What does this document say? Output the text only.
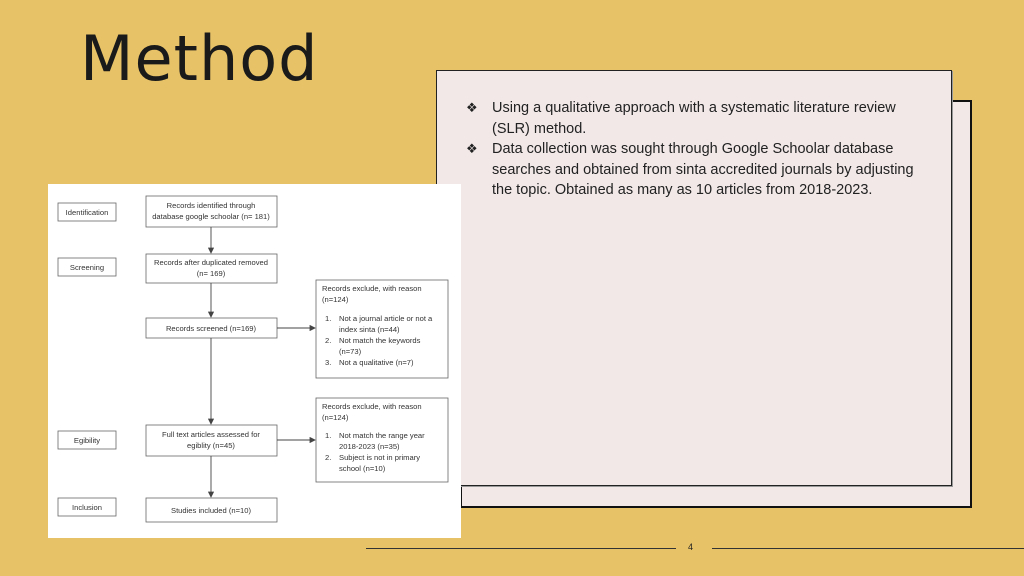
Method
❖ Using a qualitative approach with a systematic literature review (SLR) method.
❖ Data collection was sought through Google Schoolar database searches and obtained from sinta accredited journals by adjusting the topic. Obtained as many as 10 articles from 2018-2023.
Identification
Screening
Egibility
Inclusion
Records identified through
database google schoolar (n= 181)
Records after duplicated removed
(n= 169)
Records screened (n=169)
Full text articles assessed for
egiblity (n=45)
Studies included (n=10)
Records exclude, with reason
(n=124)
1. Not a journal article or not a
index sinta (n=44)
2. Not match the keywords
(n=73)
3. Not a qualitative (n=7)
Records exclude, with reason
(n=124)
1. Not match the range year
2018-2023 (n=35)
2. Subject is not in primary
school (n=10)
4
